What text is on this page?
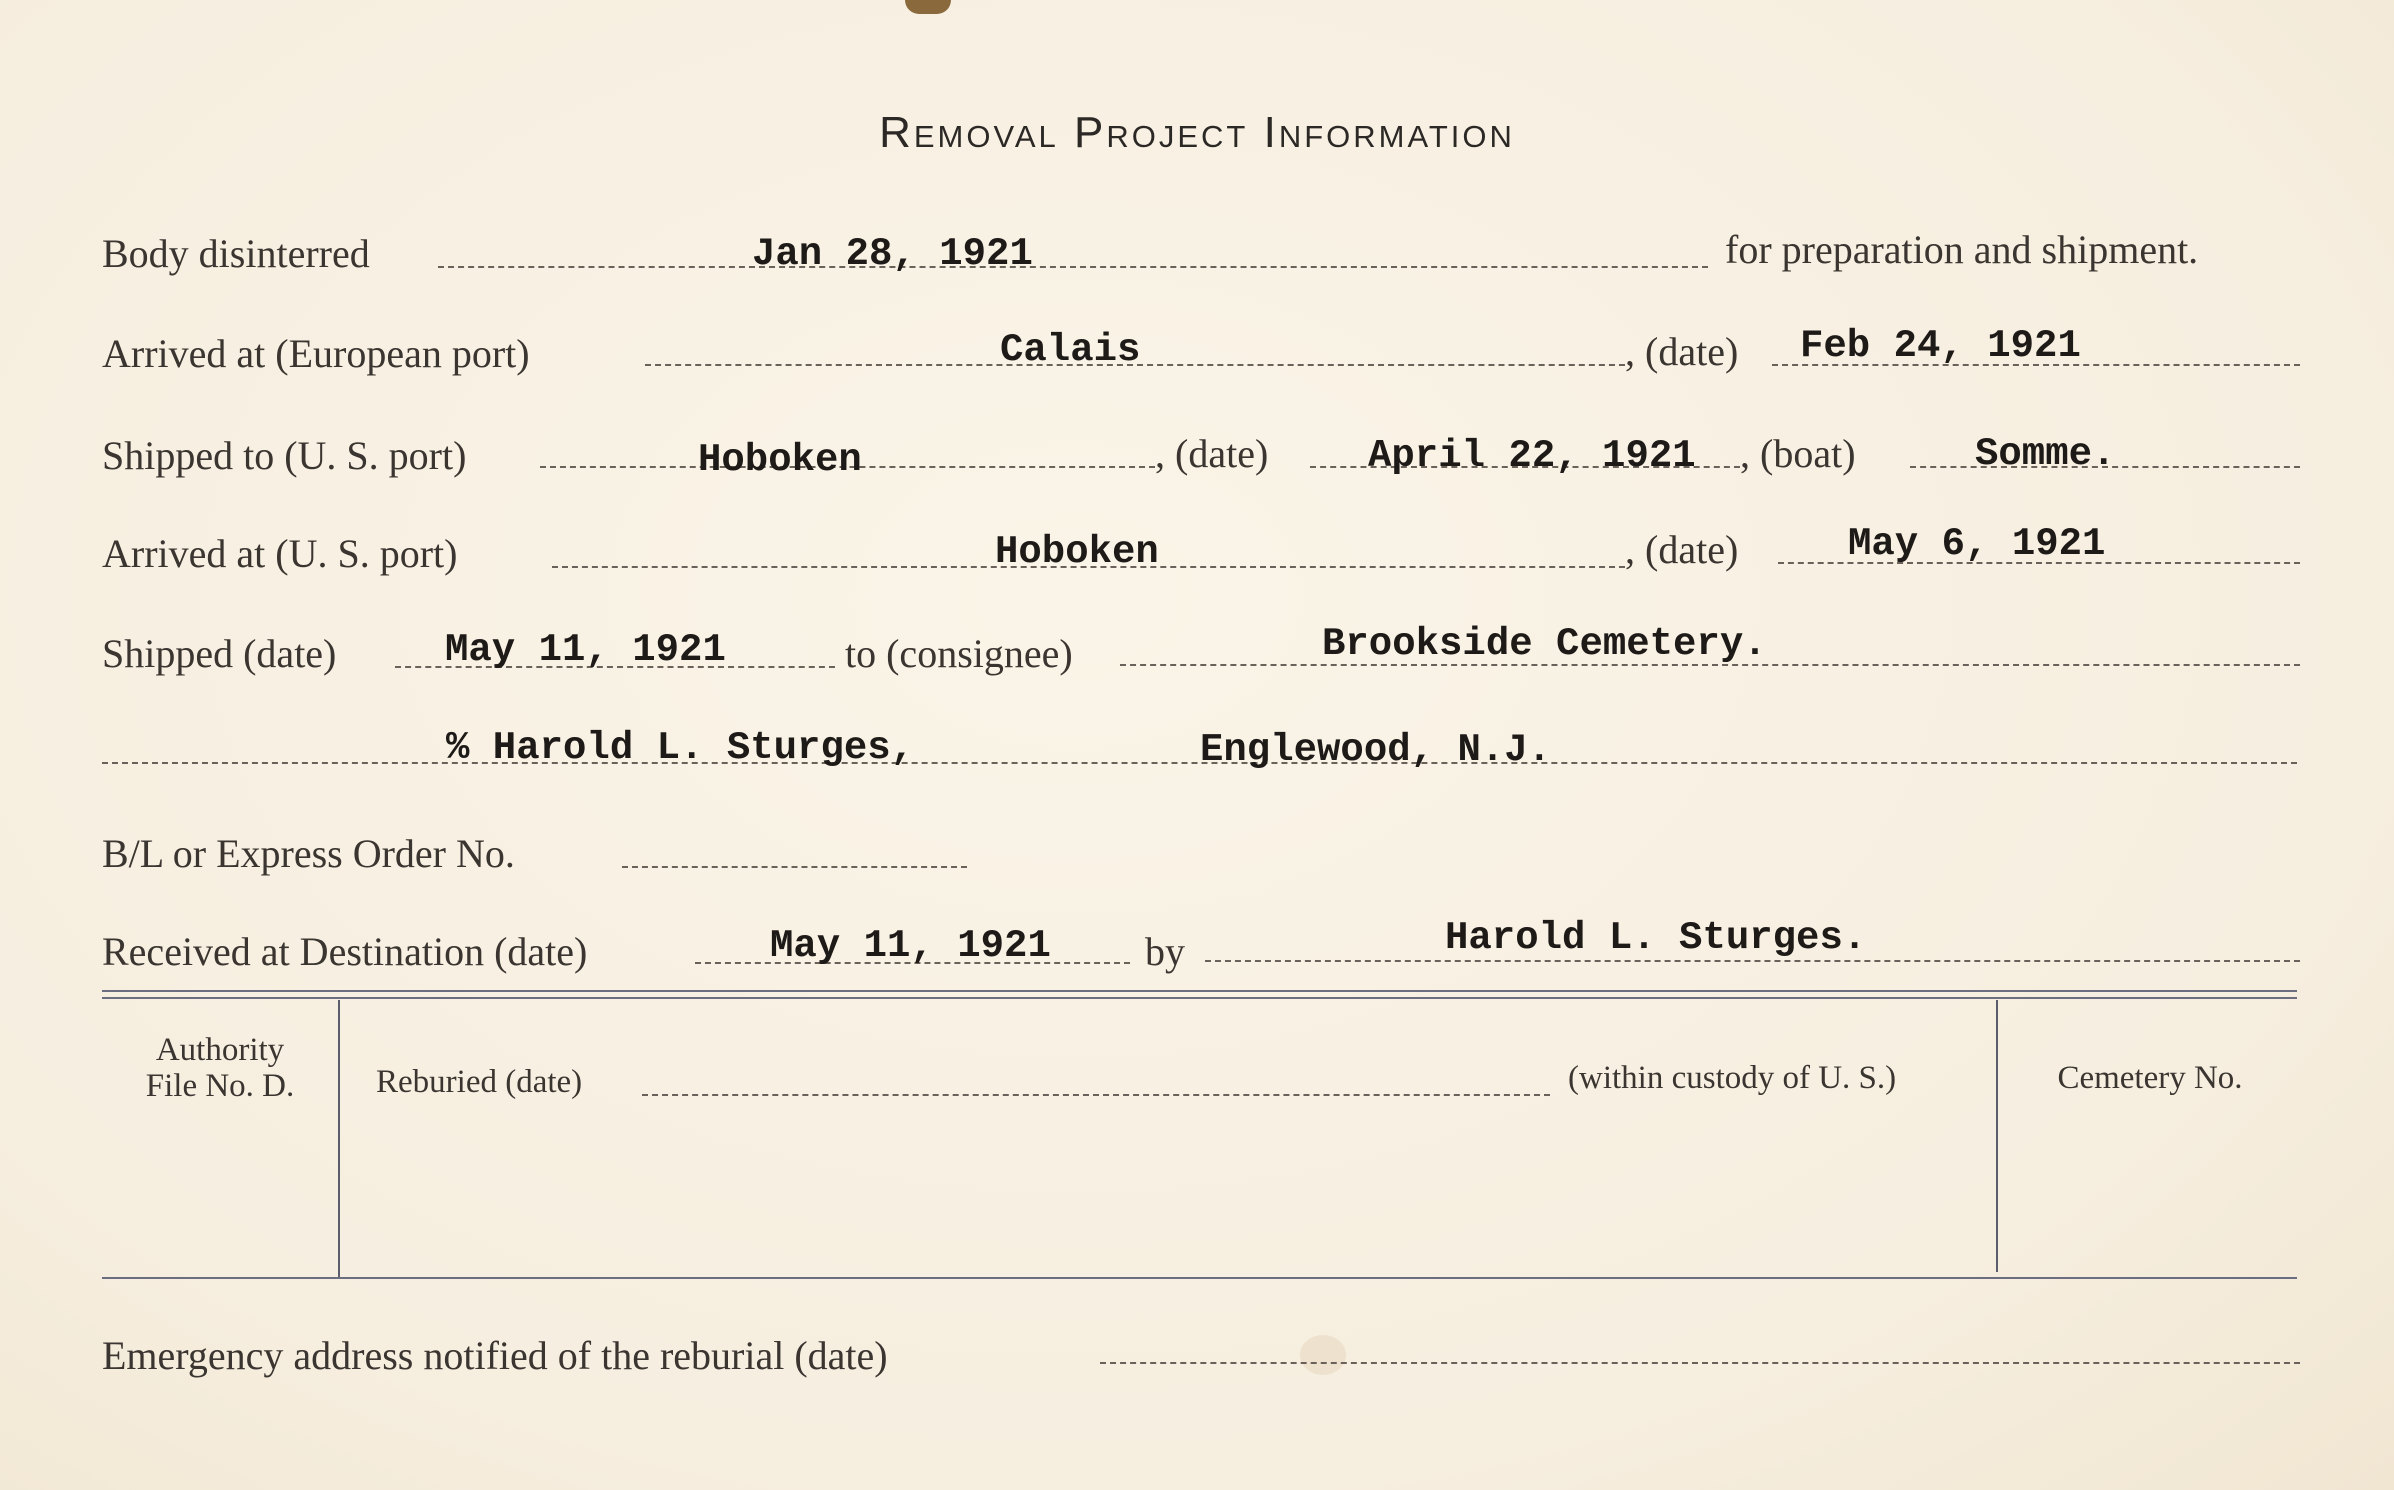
Removal Project Information
Body disinterred	Jan 28, 1921	for preparation and shipment.
Arrived at (European port)	Calais	, (date) Feb 24, 1921
Shipped to (U. S. port)	Hoboken	, (date)	April 22, 1921 , (boat)	Somme.
Arrived at (U. S. port)	Hoboken	, (date)	May 6, 1921
Shipped (date)	May 11, 1921	to (consignee)	Brookside Cemetery.
% Harold L. Sturges,	Englewood, N.J.
B/L or Express Order No.
Received at Destination (date)	May 11, 1921 by	Harold L. Sturges.
Authority
File No. D.	Reburied (date)	(within custody of U. S.)	Cemetery No.
Emergency address notified of the reburial (date)
